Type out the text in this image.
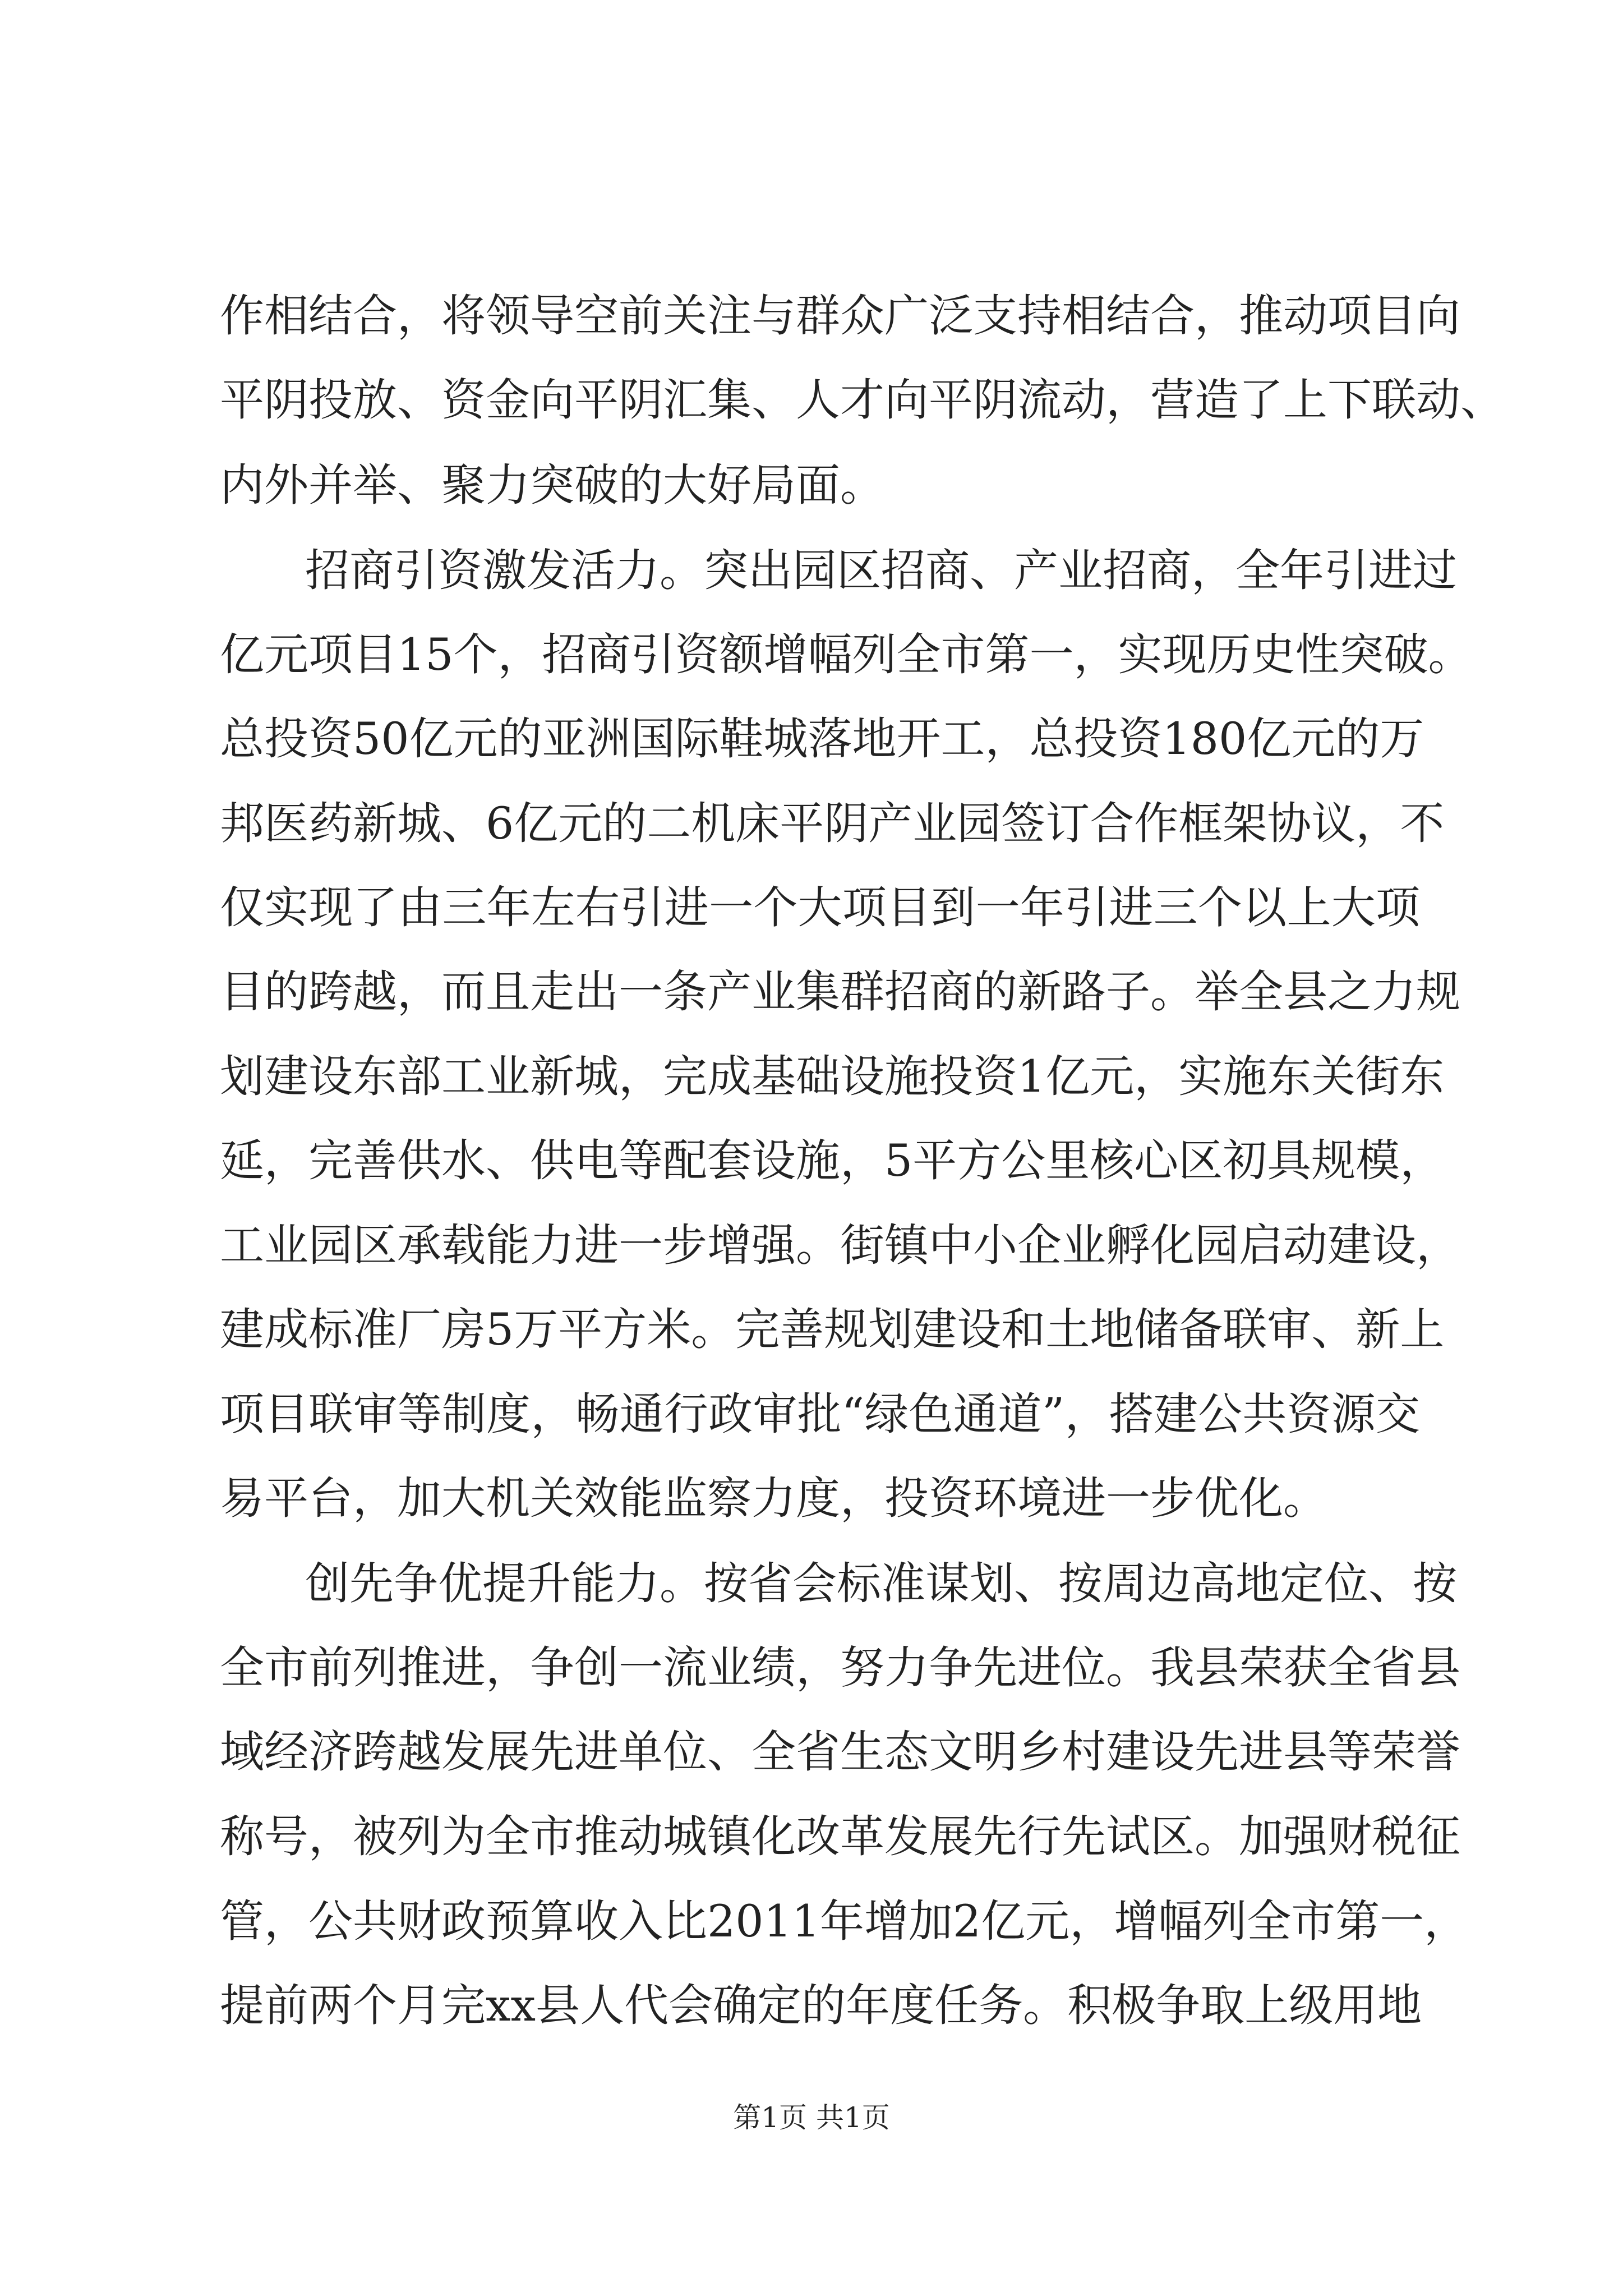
作相结合，将领导空前关注与群众广泛支持相结合，推动项目向
平阴投放、资金向平阴汇集、人才向平阴流动，营造了上下联动、
内外并举、聚力突破的大好局面。
招商引资激发活力。突出园区招商、产业招商，全年引进过
亿元项目15个，招商引资额增幅列全市第一，实现历史性突破。
总投资50亿元的亚洲国际鞋城落地开工，总投资180亿元的万
邦医药新城、6亿元的二机床平阴产业园签订合作框架协议，不
仅实现了由三年左右引进一个大项目到一年引进三个以上大项
目的跨越，而且走出一条产业集群招商的新路子。举全县之力规
划建设东部工业新城，完成基础设施投资1亿元，实施东关街东
延，完善供水、供电等配套设施，5平方公里核心区初具规模，
工业园区承载能力进一步增强。街镇中小企业孵化园启动建设，
建成标准厂房5万平方米。完善规划建设和土地储备联审、新上
项目联审等制度，畅通行政审批“绿色通道”，搭建公共资源交
易平台，加大机关效能监察力度，投资环境进一步优化。
创先争优提升能力。按省会标准谋划、按周边高地定位、按
全市前列推进，争创一流业绩，努力争先进位。我县荣获全省县
域经济跨越发展先进单位、全省生态文明乡村建设先进县等荣誉
称号，被列为全市推动城镇化改革发展先行先试区。加强财税征
管，公共财政预算收入比2011年增加2亿元，增幅列全市第一，
提前两个月完xx县人代会确定的年度任务。积极争取上级用地
第1页 共1页
